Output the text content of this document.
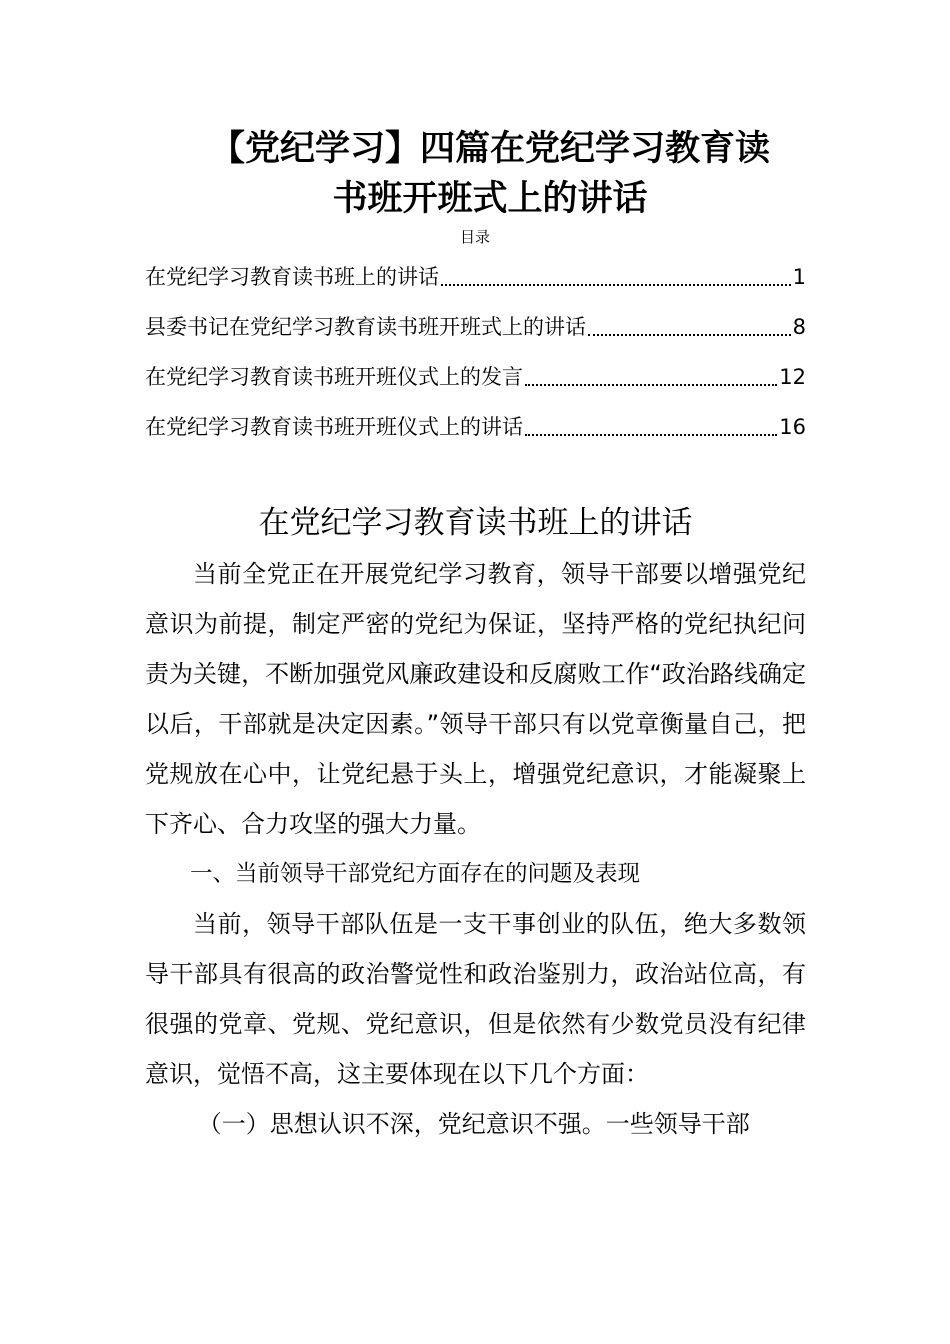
【党纪学习】四篇在党纪学习教育读
书班开班式上的讲话
目录
在党纪学习教育读书班上的讲话	1
县委书记在党纪学习教育读书班开班式上的讲话	8
在党纪学习教育读书班开班仪式上的发言	12
在党纪学习教育读书班开班仪式上的讲话	16
在党纪学习教育读书班上的讲话

当前全党正在开展党纪学习教育，领导干部要以增强党纪意识为前提，制定严密的党纪为保证，坚持严格的党纪执纪问责为关键，不断加强党风廉政建设和反腐败工作“政治路线确定以后，干部就是决定因素。”领导干部只有以党章衡量自己，把党规放在心中，让党纪悬于头上，增强党纪意识，才能凝聚上下齐心、合力攻坚的强大力量。

一、当前领导干部党纪方面存在的问题及表现

当前，领导干部队伍是一支干事创业的队伍，绝大多数领导干部具有很高的政治警觉性和政治鉴别力，政治站位高，有很强的党章、党规、党纪意识，但是依然有少数党员没有纪律意识，觉悟不高，这主要体现在以下几个方面：

（一）思想认识不深，党纪意识不强。一些领导干部
